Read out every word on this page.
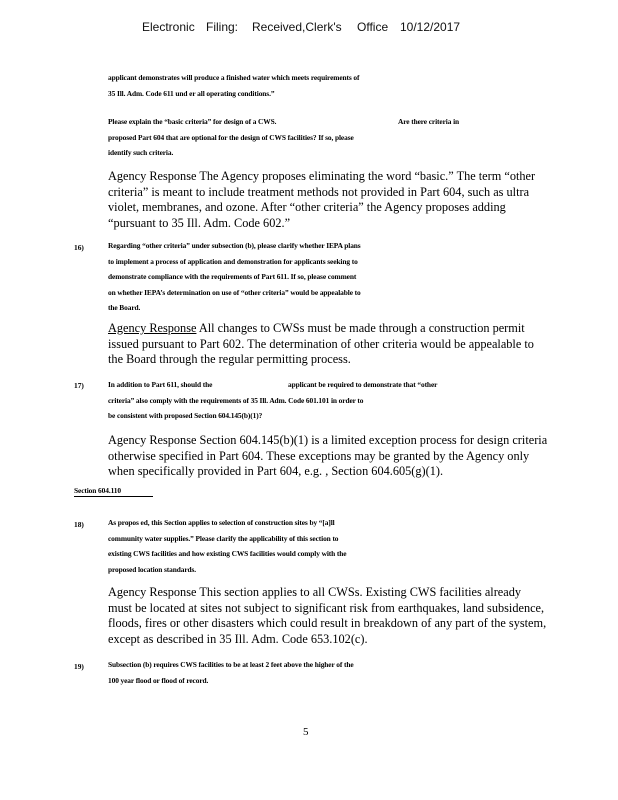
Electronic Filing: Received,Clerk's Office 10/12/2017
applicant demonstrates will produce a finished water which meets requirements of
35 Ill. Adm. Code 611 und er all operating conditions.”
Please explain the “basic criteria” for design of a CWS.
proposed Part 604 that are optional for the design of CWS facilities? If so, please
identify such criteria.
Are there criteria in
Agency Response The Agency proposes eliminating the word “basic.” The term “other
criteria” is meant to include treatment methods not provided in Part 604, such as ultra
violet, membranes, and ozone. After “other criteria” the Agency proposes adding
“pursuant to 35 Ill. Adm. Code 602.”
16)	Regarding “other criteria” under subsection (b), please clarify whether IEPA plans
to implement a process of application and demonstration for applicants seeking to
demonstrate compliance with the requirements of Part 611. If so, please comment
on whether IEPA’s determination on use of “other criteria” would be appealable to
the Board.
Agency Response All changes to CWSs must be made through a construction permit
issued pursuant to Part 602. The determination of other criteria would be appealable to
the Board through the regular permitting process.
17)	In addition to Part 611, should the
criteria” also comply with the requirements of 35 Ill. Adm. Code 601.101 in order to
be consistent with proposed Section 604.145(b)(1)?
applicant be required to demonstrate that “other
Agency Response Section 604.145(b)(1) is a limited exception process for design criteria
otherwise specified in Part 604. These exceptions may be granted by the Agency only
when specifically provided in Part 604, e.g. , Section 604.605(g)(1).
Section 604.110
18)	As propos ed, this Section applies to selection of construction sites by “[a]ll
community water supplies.” Please clarify the applicability of this section to
existing CWS facilities and how existing CWS facilities would comply with the
proposed location standards.
Agency Response This section applies to all CWSs. Existing CWS facilities already
must be located at sites not subject to significant risk from earthquakes, land subsidence,
floods, fires or other disasters which could result in breakdown of any part of the system,
except as described in 35 Ill. Adm. Code 653.102(c).
19)	Subsection (b) requires CWS facilities to be at least 2 feet above the higher of the
100 year flood or flood of record.
5
